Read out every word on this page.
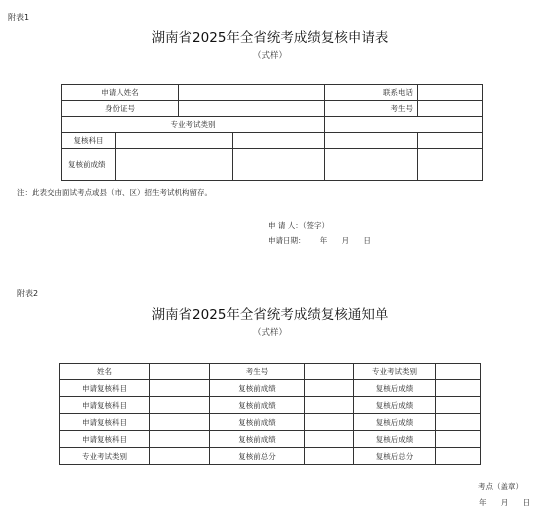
附表1
湖南省2025年全省统考成绩复核申请表
（式样）
申请人姓名				联系电话	
身份证号				考生号	
专业考试类别					
复核科目					
复核前成绩					
注：此表交由面试考点或县（市、区）招生考试机构留存。
申 请 人：（签字）
申请日期：      年      月      日
附表2
湖南省2025年全省统考成绩复核通知单
（式样）
姓名		考生号		专业考试类别	
申请复核科目		复核前成绩		复核后成绩	
申请复核科目		复核前成绩		复核后成绩	
申请复核科目		复核前成绩		复核后成绩	
申请复核科目		复核前成绩		复核后成绩	
专业考试类别		复核前总分		复核后总分	
考点（盖章）
年      月      日
